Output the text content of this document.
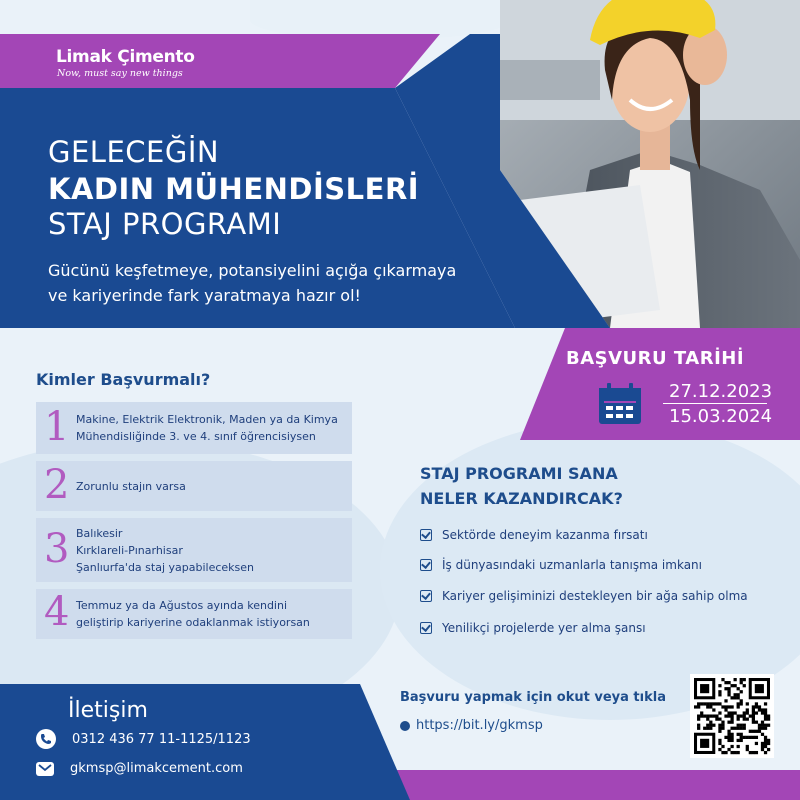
Limak Çimento
Now, must say new things
GELECEĞİN
KADIN MÜHENDİSLERİ
STAJ PROGRAMI
Gücünü keşfetmeye, potansiyelini açığa çıkarmaya
ve kariyerinde fark yaratmaya hazır ol!
Kimler Başvurmalı?
1 Makine, Elektrik Elektronik, Maden ya da Kimya
Mühendisliğinde 3. ve 4. sınıf öğrencisiysen
2 Zorunlu stajın varsa
3 Balıkesir
Kırklareli-Pınarhisar
Şanlıurfa'da staj yapabileceksen
4 Temmuz ya da Ağustos ayında kendini
geliştirip kariyerine odaklanmak istiyorsan
BAŞVURU TARİHİ
27.12.2023
15.03.2024
STAJ PROGRAMI SANA
NELER KAZANDIRCAK?
Sektörde deneyim kazanma fırsatı
İş dünyasındaki uzmanlarla tanışma imkanı
Kariyer gelişiminizi destekleyen bir ağa sahip olma
Yenilikçi projelerde yer alma şansı
İletişim
0312 436 77 11-1125/1123
gkmsp@limakcement.com
Başvuru yapmak için okut veya tıkla
https://bit.ly/gkmsp
